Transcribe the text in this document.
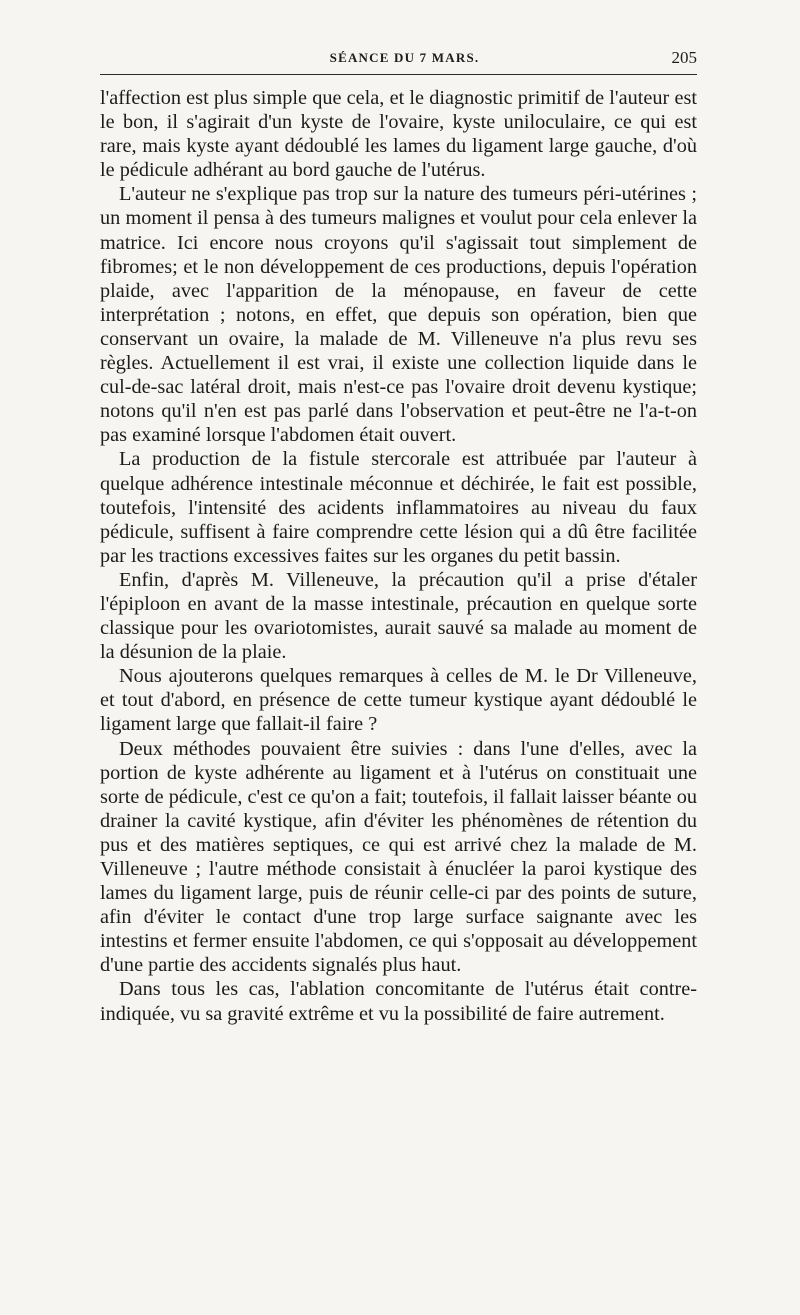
SÉANCE DU 7 MARS.	205

l'affection est plus simple que cela, et le diagnostic primitif de l'auteur est le bon, il s'agirait d'un kyste de l'ovaire, kyste uniloculaire, ce qui est rare, mais kyste ayant dédoublé les lames du ligament large gauche, d'où le pédicule adhérant au bord gauche de l'utérus.

L'auteur ne s'explique pas trop sur la nature des tumeurs péri-utérines ; un moment il pensa à des tumeurs malignes et voulut pour cela enlever la matrice. Ici encore nous croyons qu'il s'agissait tout simplement de fibromes; et le non développement de ces productions, depuis l'opération plaide, avec l'apparition de la ménopause, en faveur de cette interprétation ; notons, en effet, que depuis son opération, bien que conservant un ovaire, la malade de M. Villeneuve n'a plus revu ses règles. Actuellement il est vrai, il existe une collection liquide dans le cul-de-sac latéral droit, mais n'est-ce pas l'ovaire droit devenu kystique; notons qu'il n'en est pas parlé dans l'observation et peut-être ne l'a-t-on pas examiné lorsque l'abdomen était ouvert.

La production de la fistule stercorale est attribuée par l'auteur à quelque adhérence intestinale méconnue et déchirée, le fait est possible, toutefois, l'intensité des acidents inflammatoires au niveau du faux pédicule, suffisent à faire comprendre cette lésion qui a dû être facilitée par les tractions excessives faites sur les organes du petit bassin.

Enfin, d'après M. Villeneuve, la précaution qu'il a prise d'étaler l'épiploon en avant de la masse intestinale, précaution en quelque sorte classique pour les ovariotomistes, aurait sauvé sa malade au moment de la désunion de la plaie.

Nous ajouterons quelques remarques à celles de M. le Dr Villeneuve, et tout d'abord, en présence de cette tumeur kystique ayant dédoublé le ligament large que fallait-il faire ?

Deux méthodes pouvaient être suivies : dans l'une d'elles, avec la portion de kyste adhérente au ligament et à l'utérus on constituait une sorte de pédicule, c'est ce qu'on a fait; toutefois, il fallait laisser béante ou drainer la cavité kystique, afin d'éviter les phénomènes de rétention du pus et des matières septiques, ce qui est arrivé chez la malade de M. Villeneuve ; l'autre méthode consistait à énucléer la paroi kystique des lames du ligament large, puis de réunir celle-ci par des points de suture, afin d'éviter le contact d'une trop large surface saignante avec les intestins et fermer ensuite l'abdomen, ce qui s'opposait au développement d'une partie des accidents signalés plus haut.

Dans tous les cas, l'ablation concomitante de l'utérus était contre-indiquée, vu sa gravité extrême et vu la possibilité de faire autrement.
